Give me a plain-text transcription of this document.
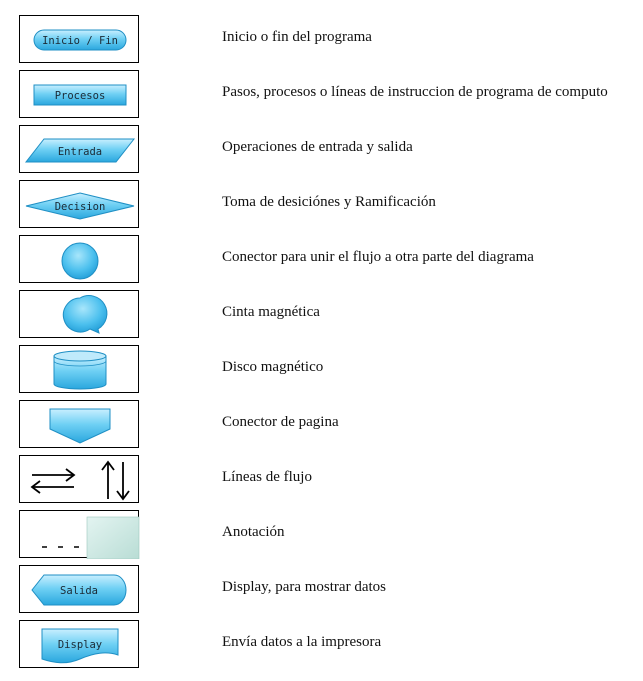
Inicio / Fin	Inicio o fin del programa
Procesos	Pasos, procesos o líneas de instruccion de programa de computo
Entrada	Operaciones de entrada y salida
Decision	Toma de desiciónes y Ramificación
Conector para unir el flujo a otra parte del diagrama
Cinta magnética
Disco magnético
Conector de pagina
Líneas de flujo
Anotación
Salida	Display, para mostrar datos
Display	Envía datos a la impresora
